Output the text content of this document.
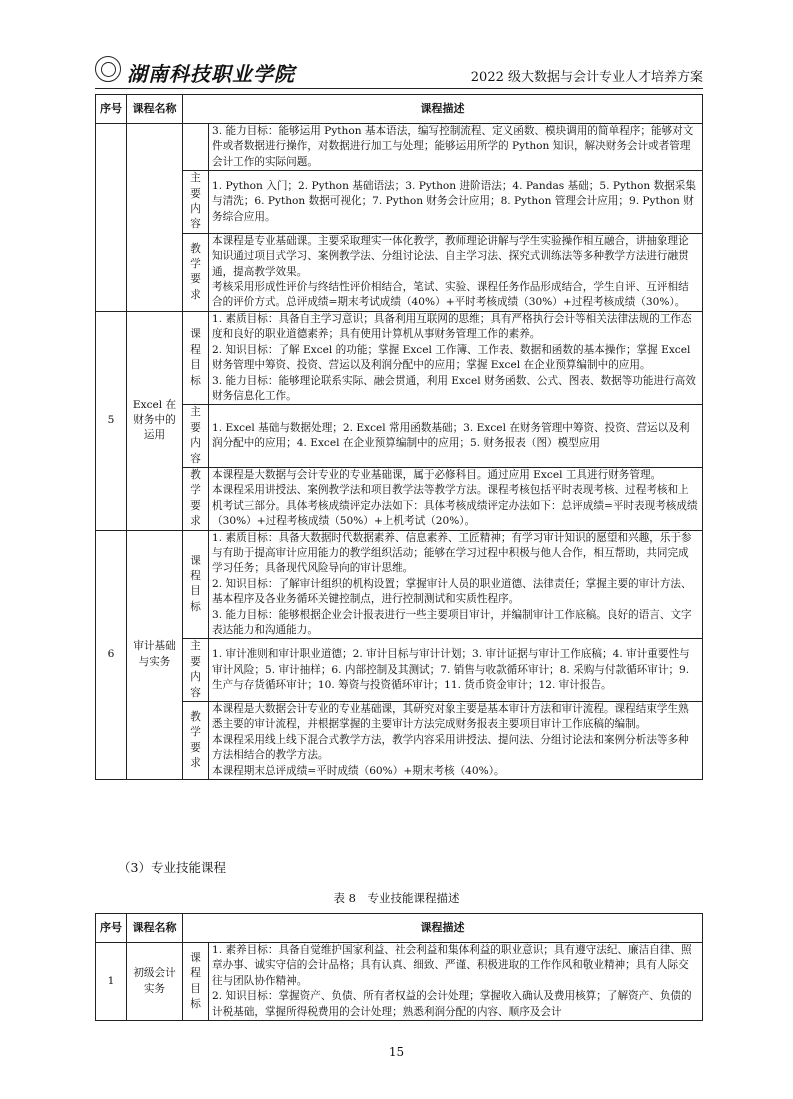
湖南科技职业学院	2022 级大数据与会计专业人才培养方案
序号	课程名称	课程描述	

			3. 能力目标：能够运用 Python 基本语法，编写控制流程、定义函数、模块调用的简单程序；能够对文件或者数据进行操作，对数据进行加工与处理；能够运用所学的 Python 知识，解决财务会计或者管理会计工作的实际问题。

		主要内容	1. Python 入门；2. Python 基础语法；3. Python 进阶语法；4. Pandas 基础；5. Python 数据采集与清洗；6. Python 数据可视化；7. Python 财务会计应用；8. Python 管理会计应用；9. Python 财务综合应用。

		教学要求	本课程是专业基础课。主要采取理实一体化教学，教师理论讲解与学生实验操作相互融合，讲抽象理论知识通过项目式学习、案例教学法、分组讨论法、自主学习法、探究式训练法等多种教学方法进行融贯通，提高教学效果。

考核采用形成性评价与终结性评价相结合，笔试、实验、课程任务作品形成结合，学生自评、互评相结合的评价方式。总评成绩=期末考试成绩（40%）+平时考核成绩（30%）+过程考核成绩（30%）。

5	Excel 在财务中的运用	课程目标	1. 素质目标：具备自主学习意识；具备利用互联网的思维；具有严格执行会计等相关法律法规的工作态度和良好的职业道德素养；具有使用计算机从事财务管理工作的素养。

2. 知识目标：了解 Excel 的功能；掌握 Excel 工作簿、工作表、数据和函数的基本操作；掌握 Excel 财务管理中筹资、投资、营运以及利润分配中的应用；掌握 Excel 在企业预算编制中的应用。

3. 能力目标：能够理论联系实际、融会贯通，利用 Excel 财务函数、公式、图表、数据等功能进行高效财务信息化工作。

		主要内容	1. Excel 基础与数据处理；2. Excel 常用函数基础；3. Excel 在财务管理中筹资、投资、营运以及利润分配中的应用；4. Excel 在企业预算编制中的应用；5. 财务报表（图）模型应用

		教学要求	本课程是大数据与会计专业的专业基础课，属于必修科目。通过应用 Excel 工具进行财务管理。

本课程采用讲授法、案例教学法和项目教学法等教学方法。课程考核包括平时表现考核、过程考核和上机考试三部分。具体考核成绩评定办法如下：具体考核成绩评定办法如下：总评成绩=平时表现考核成绩（30%）+过程考核成绩（50%）+上机考试（20%）。

6	审计基础与实务	课程目标	1. 素质目标：具备大数据时代数据素养、信息素养、工匠精神；有学习审计知识的愿望和兴趣，乐于参与有助于提高审计应用能力的教学组织活动；能够在学习过程中积极与他人合作，相互帮助，共同完成学习任务；具备现代风险导向的审计思维。

2. 知识目标：了解审计组织的机构设置；掌握审计人员的职业道德、法律责任；掌握主要的审计方法、基本程序及各业务循环关键控制点，进行控制测试和实质性程序。

3. 能力目标：能够根据企业会计报表进行一些主要项目审计，并编制审计工作底稿。良好的语言、文字表达能力和沟通能力。

		主要内容	1. 审计准则和审计职业道德；2. 审计目标与审计计划；3. 审计证据与审计工作底稿；4. 审计重要性与审计风险；5. 审计抽样；6. 内部控制及其测试；7. 销售与收款循环审计；8. 采购与付款循环审计；9. 生产与存货循环审计；10. 筹资与投资循环审计；11. 货币资金审计；12. 审计报告。

		教学要求	本课程是大数据会计专业的专业基础课，其研究对象主要是基本审计方法和审计流程。课程结束学生熟悉主要的审计流程，并根据掌握的主要审计方法完成财务报表主要项目审计工作底稿的编制。

本课程采用线上线下混合式教学方法，教学内容采用讲授法、提问法、分组讨论法和案例分析法等多种方法相结合的教学方法。

本课程期末总评成绩=平时成绩（60%）+期末考核（40%）。

（3）专业技能课程
表 8　专业技能课程描述
序号	课程名称	课程描述	
1	初级会计实务	课程目标	1. 素养目标：具备自觉维护国家利益、社会利益和集体利益的职业意识；具有遵守法纪、廉洁自律、照章办事、诚实守信的会计品格；具有认真、细致、严谨、积极进取的工作作风和敬业精神；具有人际交往与团队协作精神。

2. 知识目标：掌握资产、负债、所有者权益的会计处理；掌握收入确认及费用核算；了解资产、负债的计税基础，掌握所得税费用的会计处理；熟悉利润分配的内容、顺序及会计

15
